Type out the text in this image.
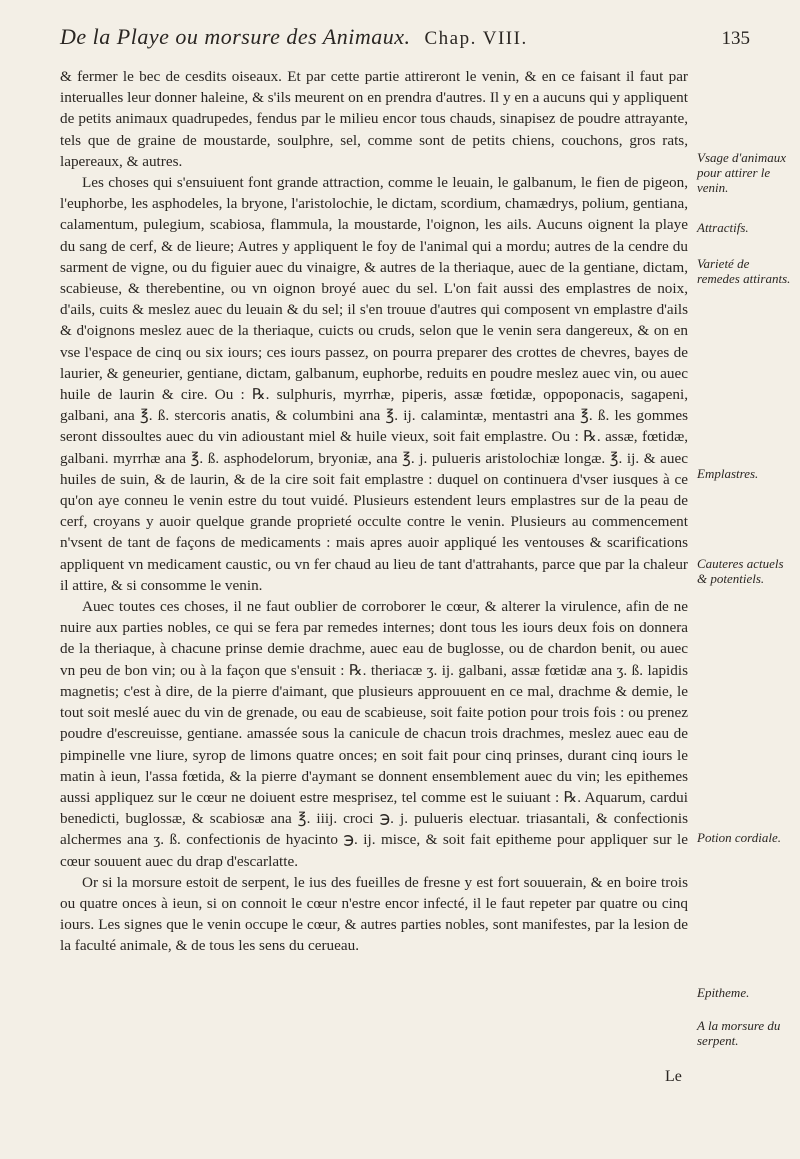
De la Playe ou morsure des Animaux. Chap. VIII.	135

& fermer le bec de cesdits oiseaux. Et par cette partie attireront le venin, & en ce faisant il faut par interualles leur donner haleine, & s'ils meurent on en prendra d'autres. Il y en a aucuns qui y appliquent de petits animaux quadrupedes, fendus par le milieu encor tous chauds, sinapisez de poudre attrayante, tels que de graine de moustarde, soulphre, sel, comme sont de petits chiens, couchons, gros rats, lapereaux, & autres.

Les choses qui s'ensuiuent font grande attraction, comme le leuain, le galbanum, le fien de pigeon, l'euphorbe, les asphodeles, la bryone, l'aristolochie, le dictam, scordium, chamædrys, polium, gentiana, calamentum, pulegium, scabiosa, flammula, la moustarde, l'oignon, les ails. Aucuns oignent la playe du sang de cerf, & de lieure; Autres y appliquent le foy de l'animal qui a mordu; autres de la cendre du sarment de vigne, ou du figuier auec du vinaigre, & autres de la theriaque, auec de la gentiane, dictam, scabieuse, & therebentine, ou vn oignon broyé auec du sel. L'on fait aussi des emplastres de noix, d'ails, cuits & meslez auec du leuain & du sel; il s'en trouue d'autres qui composent vn emplastre d'ails & d'oignons meslez auec de la theriaque, cuicts ou cruds, selon que le venin sera dangereux, & on en vse l'espace de cinq ou six iours; ces iours passez, on pourra preparer des crottes de chevres, bayes de laurier, & geneurier, gentiane, dictam, galbanum, euphorbe, reduits en poudre meslez auec vin, ou auec huile de laurin & cire. Ou : ℞. sulphuris, myrrhæ, piperis, assæ fœtidæ, oppoponacis, sagapeni, galbani, ana ℥. ß. stercoris anatis, & columbini ana ℥. ij. calamintæ, mentastri ana ℥. ß. les gommes seront dissoultes auec du vin adioustant miel & huile vieux, soit fait emplastre. Ou : ℞. assæ, fœtidæ, galbani. myrrhæ ana ℥. ß. asphodelorum, bryoniæ, ana ℥. j. pulueris aristolochiæ longæ. ℥. ij. & auec huiles de suin, & de laurin, & de la cire soit fait emplastre : duquel on continuera d'vser iusques à ce qu'on aye conneu le venin estre du tout vuidé. Plusieurs estendent leurs emplastres sur de la peau de cerf, croyans y auoir quelque grande proprieté occulte contre le venin. Plusieurs au commencement n'vsent de tant de façons de medicaments : mais apres auoir appliqué les ventouses & scarifications appliquent vn medicament caustic, ou vn fer chaud au lieu de tant d'attrahants, parce que par la chaleur il attire, & si consomme le venin.

Auec toutes ces choses, il ne faut oublier de corroborer le cœur, & alterer la virulence, afin de ne nuire aux parties nobles, ce qui se fera par remedes internes; dont tous les iours deux fois on donnera de la theriaque, à chacune prinse demie drachme, auec eau de buglosse, ou de chardon benit, ou auec vn peu de bon vin; ou à la façon que s'ensuit : ℞. theriacæ ʒ. ij. galbani, assæ fœtidæ ana ʒ. ß. lapidis magnetis; c'est à dire, de la pierre d'aimant, que plusieurs approuuent en ce mal, drachme & demie, le tout soit meslé auec du vin de grenade, ou eau de scabieuse, soit faite potion pour trois fois : ou prenez poudre d'escreuisse, gentiane. amassée sous la canicule de chacun trois drachmes, meslez auec eau de pimpinelle vne liure, syrop de limons quatre onces; en soit fait pour cinq prinses, durant cinq iours le matin à ieun, l'assa fœtida, & la pierre d'aymant se donnent ensemblement auec du vin; les epithemes aussi appliquez sur le cœur ne doiuent estre mesprisez, tel comme est le suiuant : ℞. Aquarum, cardui benedicti, buglossæ, & scabiosæ ana ℥. iiij. croci ℈. j. pulueris electuar. triasantali, & confectionis alchermes ana ʒ. ß. confectionis de hyacinto ℈. ij. misce, & soit fait epitheme pour appliquer sur le cœur souuent auec du drap d'escarlatte.

Or si la morsure estoit de serpent, le ius des fueilles de fresne y est fort souuerain, & en boire trois ou quatre onces à ieun, si on connoit le cœur n'estre encor infecté, il le faut repeter par quatre ou cinq iours. Les signes que le venin occupe le cœur, & autres parties nobles, sont manifestes, par la lesion de la faculté animale, & de tous les sens du cerueau.

Vsage d'animaux pour attirer le venin.
Attractifs.
Varieté de remedes attirants.
Emplastres.
Cauteres actuels & potentiels.
Potion cordiale.
Epitheme.
A la morsure du serpent.
Le
